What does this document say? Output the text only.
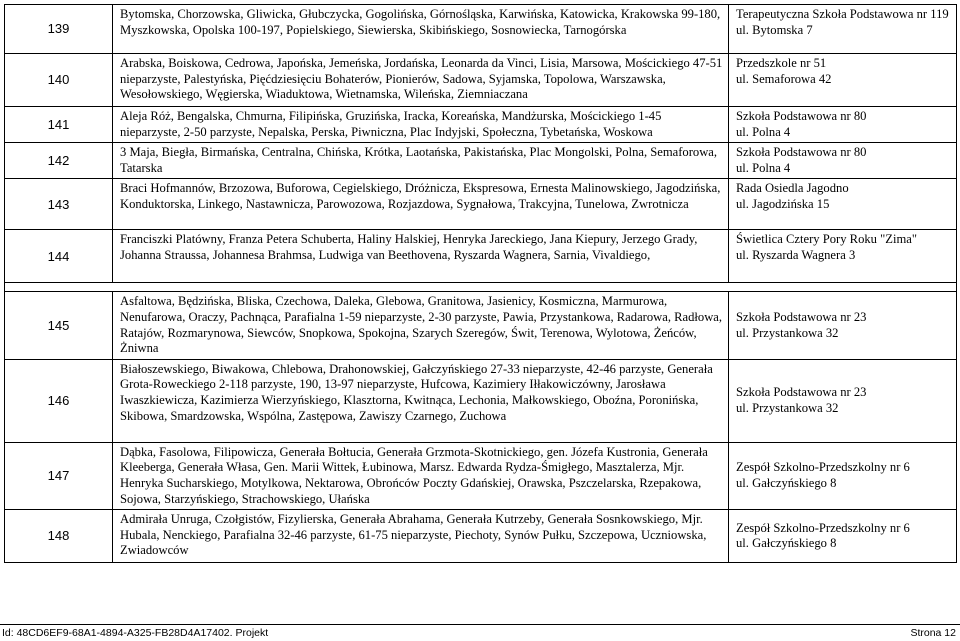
139	Bytomska, Chorzowska, Gliwicka, Głubczycka, Gogolińska, Górnośląska, Karwińska, Katowicka, Krakowska 99-180, Myszkowska, Opolska 100-197, Popielskiego, Siewierska, Skibińskiego, Sosnowiecka, Tarnogórska	Terapeutyczna Szkoła Podstawowa nr 119
ul. Bytomska 7

140	Arabska, Boiskowa, Cedrowa, Japońska, Jemeńska, Jordańska, Leonarda da Vinci, Lisia, Marsowa, Mościckiego 47-51 nieparzyste, Palestyńska, Pięćdziesięciu Bohaterów, Pionierów, Sadowa, Syjamska, Topolowa, Warszawska, Wesołowskiego, Węgierska, Wiaduktowa, Wietnamska, Wileńska, Ziemniaczana	Przedszkole nr 51
ul. Semaforowa 42

141	Aleja Róż, Bengalska, Chmurna, Filipińska, Gruzińska, Iracka, Koreańska, Mandżurska, Mościckiego 1-45 nieparzyste, 2-50 parzyste, Nepalska, Perska, Piwniczna, Plac Indyjski, Społeczna, Tybetańska, Woskowa	Szkoła Podstawowa nr 80
ul. Polna 4

142	3 Maja, Biegła, Birmańska, Centralna, Chińska, Krótka, Laotańska, Pakistańska, Plac Mongolski, Polna, Semaforowa, Tatarska	Szkoła Podstawowa nr 80
ul. Polna 4

143	Braci Hofmannów, Brzozowa, Buforowa, Cegielskiego, Dróżnicza, Ekspresowa, Ernesta Malinowskiego, Jagodzińska, Konduktorska, Linkego, Nastawnicza, Parowozowa, Rozjazdowa, Sygnałowa, Trakcyjna, Tunelowa, Zwrotnicza	Rada Osiedla Jagodno
ul. Jagodzińska 15

144	Franciszki Platówny, Franza Petera Schuberta, Haliny Halskiej, Henryka Jareckiego, Jana Kiepury, Jerzego Grady, Johanna Straussa, Johannesa Brahmsa, Ludwiga van Beethovena, Ryszarda Wagnera, Sarnia, Vivaldiego,	Świetlica Cztery Pory Roku "Zima"
ul. Ryszarda Wagnera 3

145	Asfaltowa, Będzińska, Bliska, Czechowa, Daleka, Glebowa, Granitowa, Jasienicy, Kosmiczna, Marmurowa, Nenufarowa, Oraczy, Pachnąca, Parafialna 1-59 nieparzyste, 2-30 parzyste, Pawia, Przystankowa, Radarowa, Radłowa, Ratajów, Rozmarynowa, Siewców, Snopkowa, Spokojna, Szarych Szeregów, Świt, Terenowa, Wylotowa, Żeńców, Żniwna	Szkoła Podstawowa nr 23
ul. Przystankowa 32

146	Białoszewskiego, Biwakowa, Chlebowa, Drahonowskiej, Gałczyńskiego 27-33 nieparzyste, 42-46 parzyste, Generała Grota-Roweckiego 2-118 parzyste, 190, 13-97 nieparzyste, Hufcowa, Kazimiery Iłłakowiczówny, Jarosława Iwaszkiewicza, Kazimierza Wierzyńskiego, Klasztorna, Kwitnąca, Lechonia, Małkowskiego, Oboźna, Poronińska, Skibowa, Smardzowska, Wspólna, Zastępowa, Zawiszy Czarnego, Zuchowa	Szkoła Podstawowa nr 23
ul. Przystankowa 32

147	Dąbka, Fasolowa, Filipowicza, Generała Bołtucia, Generała Grzmota-Skotnickiego, gen. Józefa Kustronia, Generała Kleeberga, Generała Własa, Gen. Marii Wittek, Łubinowa, Marsz. Edwarda Rydza-Śmigłego, Masztalerza, Mjr. Henryka Sucharskiego, Motylkowa, Nektarowa, Obrońców Poczty Gdańskiej, Orawska, Pszczelarska, Rzepakowa, Sojowa, Starzyńskiego, Strachowskiego, Ułańska	Zespół Szkolno-Przedszkolny nr 6
ul. Gałczyńskiego 8

148	Admirała Unruga, Czołgistów, Fizylierska, Generała Abrahama, Generała Kutrzeby, Generała Sosnkowskiego, Mjr. Hubala, Nenckiego, Parafialna 32-46 parzyste, 61-75 nieparzyste, Piechoty, Synów Pułku, Szczepowa, Uczniowska, Zwiadowców	Zespół Szkolno-Przedszkolny nr 6
ul. Gałczyńskiego 8
Id: 48CD6EF9-68A1-4894-A325-FB28D4A17402. Projekt	Strona 12
